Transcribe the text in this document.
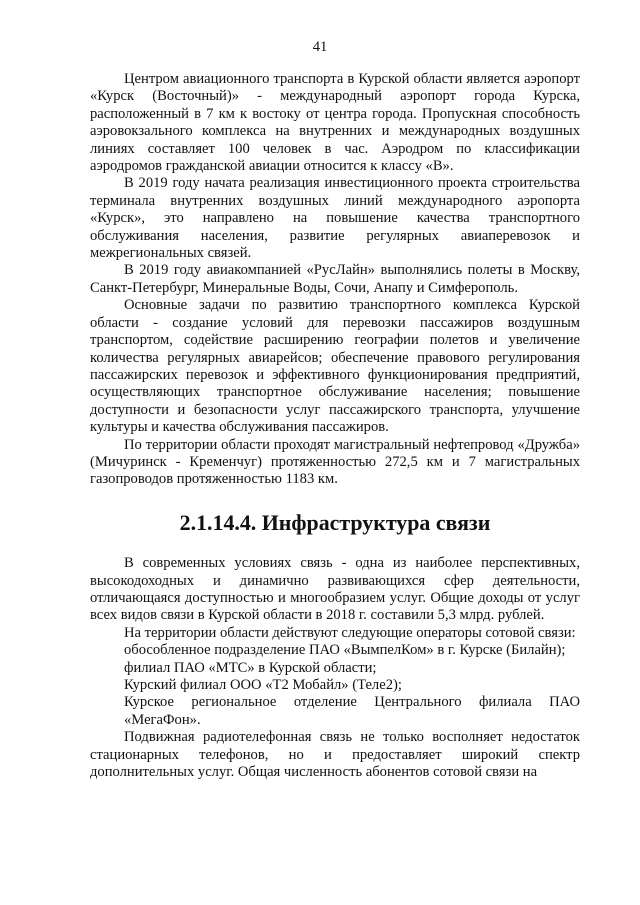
41

Центром авиационного транспорта в Курской области является аэропорт «Курск (Восточный)» - международный аэропорт города Курска, расположенный в 7 км к востоку от центра города. Пропускная способность аэровокзального комплекса на внутренних и международных воздушных линиях составляет 100 человек в час. Аэродром по классификации аэродромов гражданской авиации относится к классу «В».

В 2019 году начата реализация инвестиционного проекта строительства терминала внутренних воздушных линий международного аэропорта «Курск», это направлено на повышение качества транспортного обслуживания населения, развитие регулярных авиаперевозок и межрегиональных связей.

В 2019 году авиакомпанией «РусЛайн» выполнялись полеты в Москву, Санкт-Петербург, Минеральные Воды, Сочи, Анапу и Симферополь.

Основные задачи по развитию транспортного комплекса Курской области - создание условий для перевозки пассажиров воздушным транспортом, содействие расширению географии полетов и увеличение количества регулярных авиарейсов; обеспечение правового регулирования пассажирских перевозок и эффективного функционирования предприятий, осуществляющих транспортное обслуживание населения; повышение доступности и безопасности услуг пассажирского транспорта, улучшение культуры и качества обслуживания пассажиров.

По территории области проходят магистральный нефтепровод «Дружба» (Мичуринск - Кременчуг) протяженностью 272,5 км и 7 магистральных газопроводов протяженностью 1183 км.

2.1.14.4. Инфраструктура связи

В современных условиях связь - одна из наиболее перспективных, высокодоходных и динамично развивающихся сфер деятельности, отличающаяся доступностью и многообразием услуг. Общие доходы от услуг всех видов связи в Курской области в 2018 г. составили 5,3 млрд. рублей.

На территории области действуют следующие операторы сотовой связи:

обособленное подразделение ПАО «ВымпелКом» в г. Курске (Билайн);

филиал ПАО «МТС» в Курской области;

Курский филиал ООО «Т2 Мобайл» (Теле2);

Курское региональное отделение Центрального филиала ПАО «МегаФон».

Подвижная радиотелефонная связь не только восполняет недостаток стационарных телефонов, но и предоставляет широкий спектр дополнительных услуг. Общая численность абонентов сотовой связи на
